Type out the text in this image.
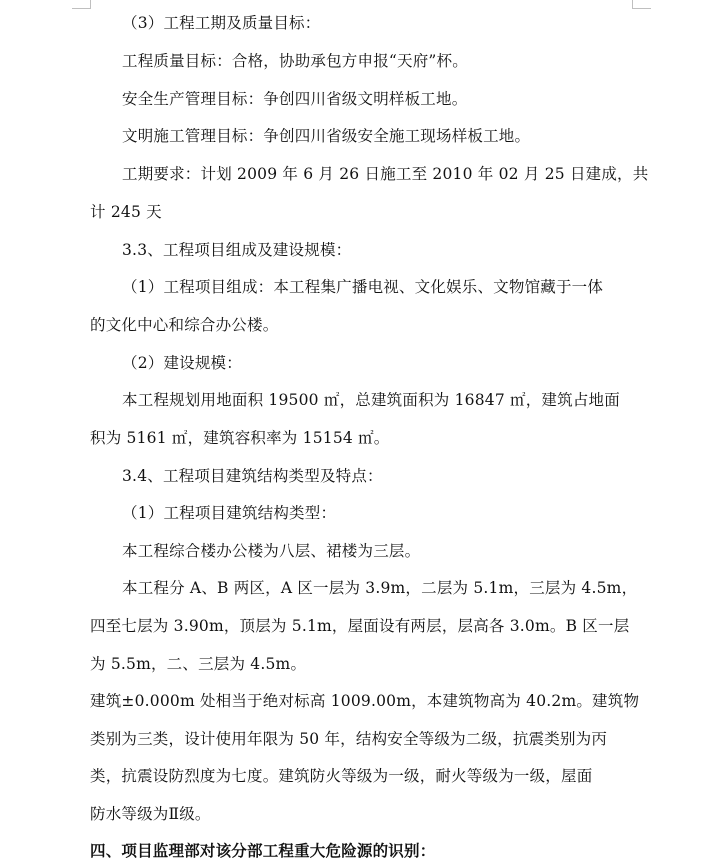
（3）工程工期及质量目标：
工程质量目标：合格，协助承包方申报“天府”杯。
安全生产管理目标：争创四川省级文明样板工地。
文明施工管理目标：争创四川省级安全施工现场样板工地。
工期要求：计划 2009 年 6 月 26 日施工至 2010 年 02 月 25 日建成，共
计 245 天
3.3、工程项目组成及建设规模：
（1）工程项目组成：本工程集广播电视、文化娱乐、文物馆藏于一体
的文化中心和综合办公楼。
（2）建设规模：
本工程规划用地面积 19500 ㎡，总建筑面积为 16847 ㎡，建筑占地面
积为 5161 ㎡，建筑容积率为 15154 ㎡。
3.4、工程项目建筑结构类型及特点：
（1）工程项目建筑结构类型：
本工程综合楼办公楼为八层、裙楼为三层。
本工程分 A、B 两区，A 区一层为 3.9m，二层为 5.1m，三层为 4.5m，
四至七层为 3.90m，顶层为 5.1m，屋面设有两层，层高各 3.0m。B 区一层
为 5.5m，二、三层为 4.5m。
建筑±0.000m 处相当于绝对标高 1009.00m，本建筑物高为 40.2m。建筑物
类别为三类，设计使用年限为 50 年，结构安全等级为二级，抗震类别为丙
类，抗震设防烈度为七度。建筑防火等级为一级，耐火等级为一级，屋面
防水等级为Ⅱ级。
四、项目监理部对该分部工程重大危险源的识别：
